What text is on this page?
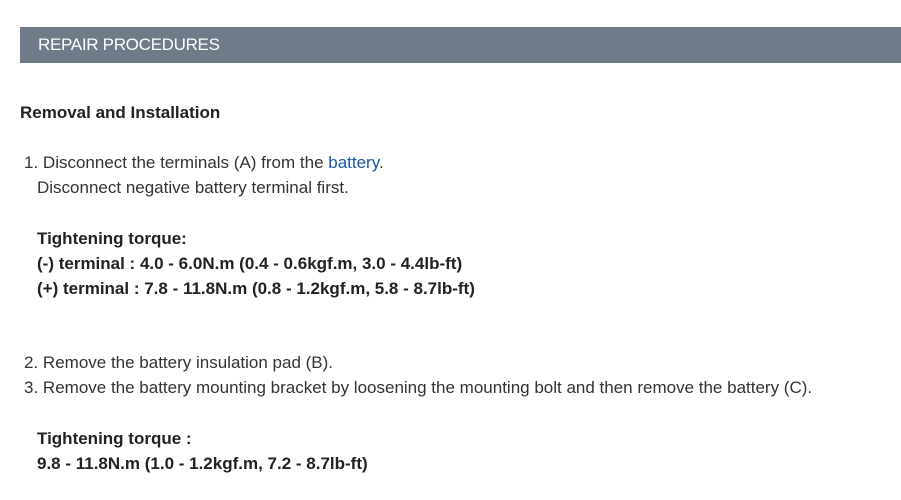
REPAIR PROCEDURES
Removal and Installation
1. Disconnect the terminals (A) from the battery.
Disconnect negative battery terminal first.
Tightening torque:
(-) terminal : 4.0 - 6.0N.m (0.4 - 0.6kgf.m, 3.0 - 4.4lb-ft)
(+) terminal : 7.8 - 11.8N.m (0.8 - 1.2kgf.m, 5.8 - 8.7lb-ft)
2. Remove the battery insulation pad (B).
3. Remove the battery mounting bracket by loosening the mounting bolt and then remove the battery (C).
Tightening torque :
9.8 - 11.8N.m (1.0 - 1.2kgf.m, 7.2 - 8.7lb-ft)
